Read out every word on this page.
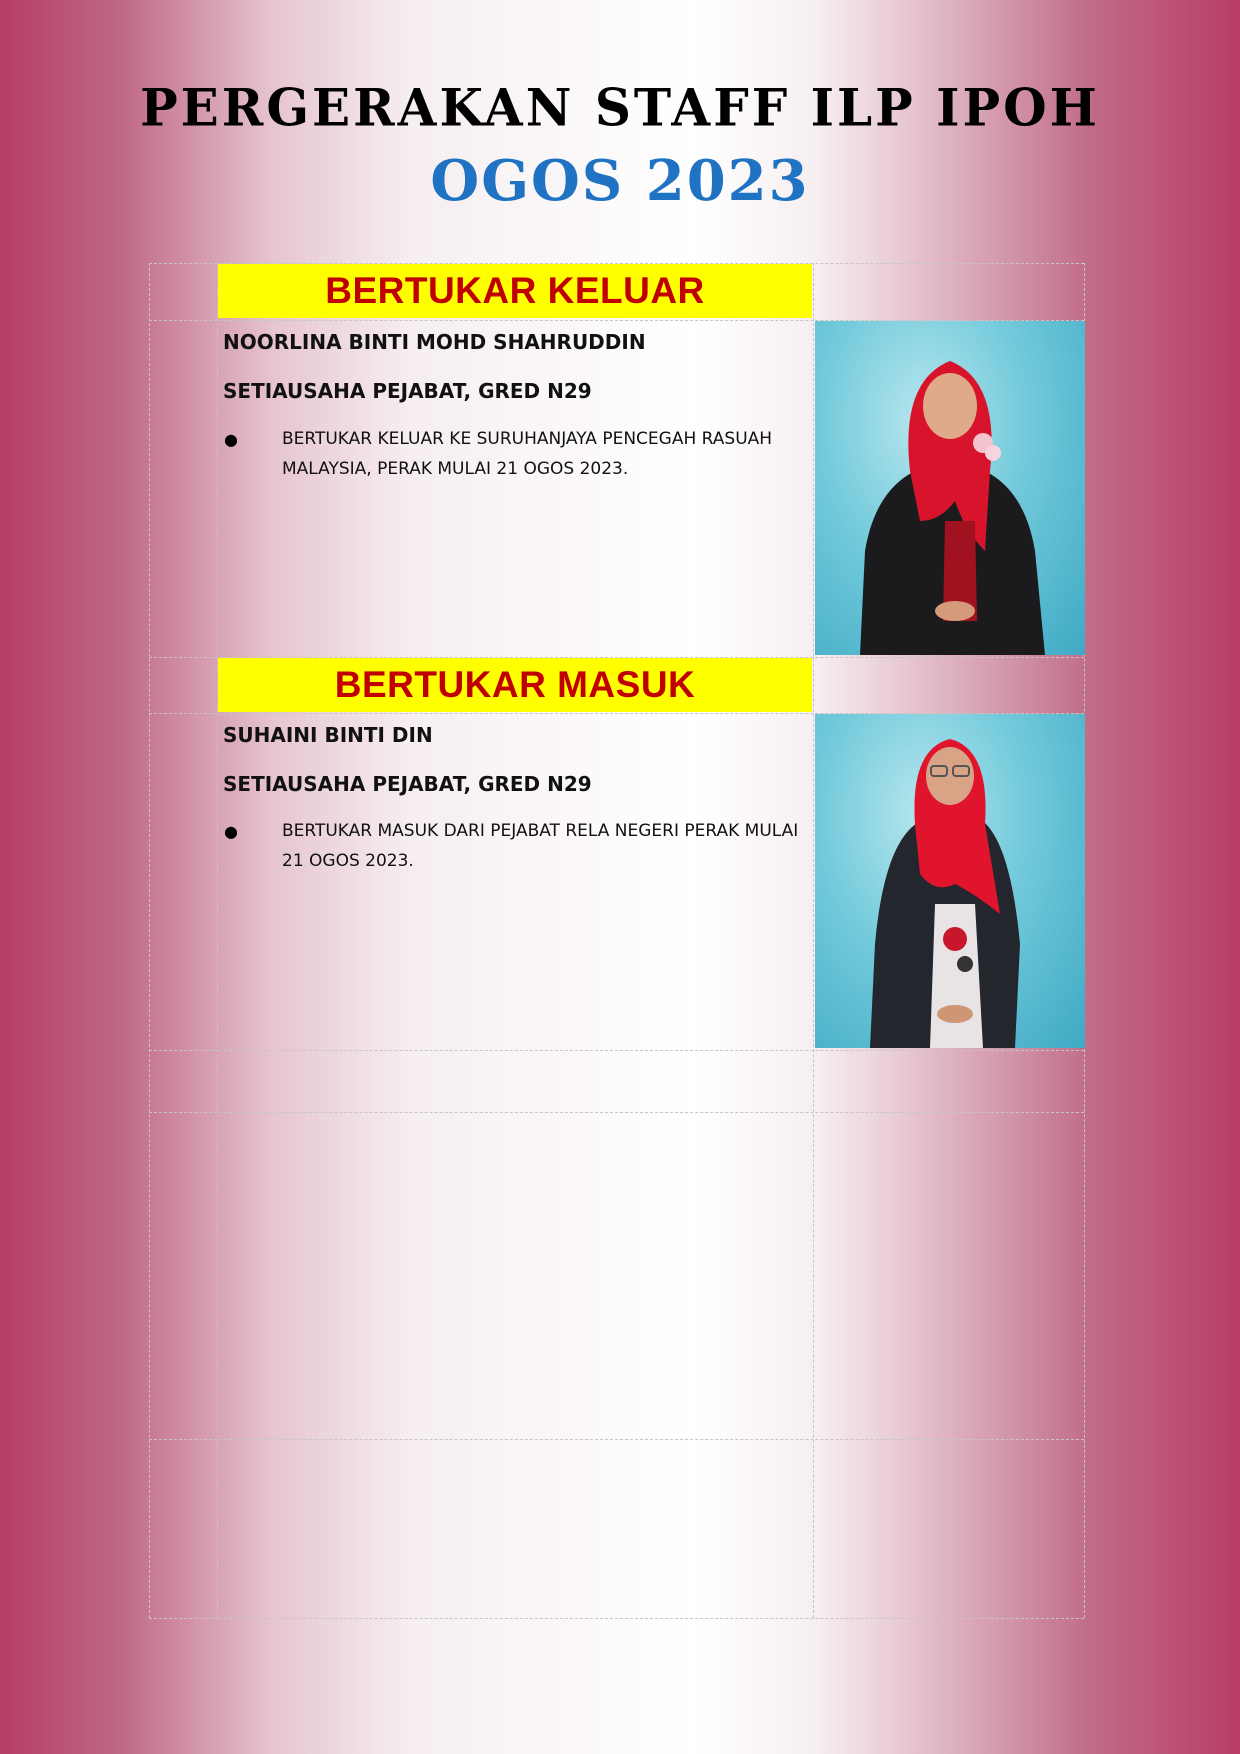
PERGERAKAN STAFF ILP IPOH
OGOS 2023
BERTUKAR KELUAR
NOORLINA BINTI MOHD SHAHRUDDIN
SETIAUSAHA PEJABAT, GRED N29
●	BERTUKAR KELUAR KE SURUHANJAYA PENCEGAH RASUAH MALAYSIA, PERAK MULAI 21 OGOS 2023.
BERTUKAR MASUK
SUHAINI BINTI DIN
SETIAUSAHA PEJABAT, GRED N29
●	BERTUKAR MASUK DARI PEJABAT RELA NEGERI PERAK MULAI 21 OGOS 2023.
